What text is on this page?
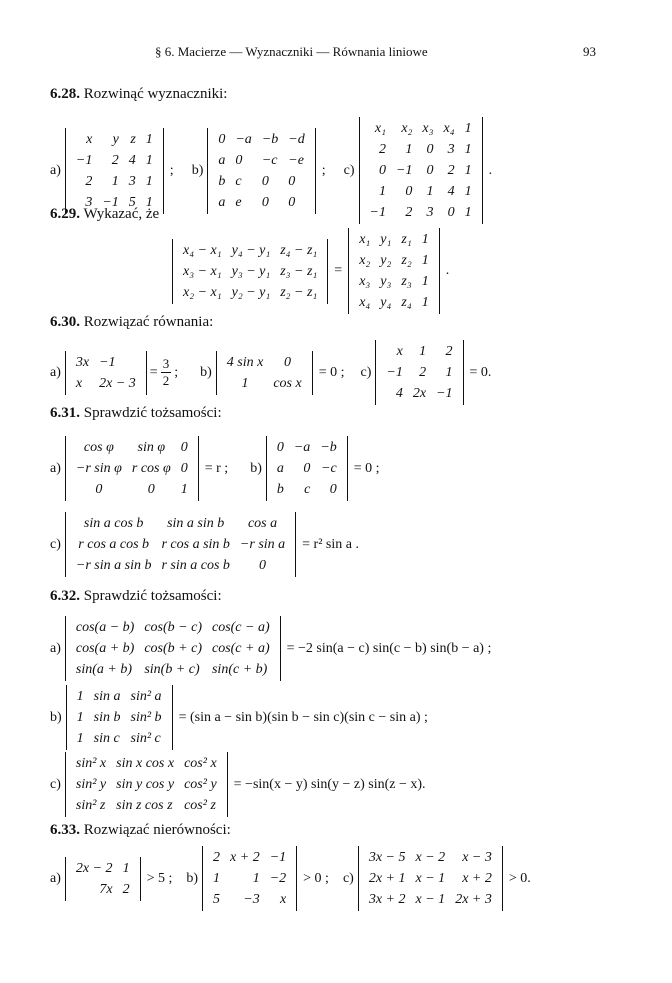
§ 6. Macierze — Wyznaczniki — Równania liniowe	93
6.28. Rozwinąć wyznaczniki:
a)
x	y	z	1
−1	2	4	1
2	1	3	1
3	−1	5	1
; b)
0	−a	−b	−d
a	0	−c	−e
b	c	0	0
a	e	0	0
; c)
x₁	x₂	x₃	x₄	1
2	1	0	3	1
0	−1	0	2	1
1	0	1	4	1
−1	2	3	0	1
.
6.29. Wykazać, że
x₄ − x₁	y₄ − y₁	z₄ − z₁
x₃ − x₁	y₃ − y₁	z₃ − z₁
x₂ − x₁	y₂ − y₁	z₂ − z₁
=
x₁	y₁	z₁	1
x₂	y₂	z₂	1
x₃	y₃	z₃	1
x₄	y₄	z₄	1
.
6.30. Rozwiązać równania:
a)
3x	−1
x	2x − 3
= $\frac{3}{2}$ ; b)
4 sin x	0
1	cos x
= 0 ; c)
x	1	2
−1	2	1
4	2x	−1
= 0.
6.31. Sprawdzić tożsamości:
a)
cos φ	sin φ	0
−r sin φ	r cos φ	0
0	0	1
= r ; b)
0	−a	−b
a	0	−c
b	c	0
= 0 ;
c)
sin a cos b	sin a sin b	cos a
r cos a cos b	r cos a sin b	−r sin a
−r sin a sin b	r sin a cos b	0
= r² sin a .
6.32. Sprawdzić tożsamości:
a)
cos(a − b)	cos(b − c)	cos(c − a)
cos(a + b)	cos(b + c)	cos(c + a)
sin(a + b)	sin(b + c)	sin(c + b)
= −2 sin(a − c) sin(c − b) sin(b − a) ;
b)
1	sin a	sin² a
1	sin b	sin² b
1	sin c	sin² c
= (sin a − sin b)(sin b − sin c)(sin c − sin a) ;
c)
sin² x	sin x cos x	cos² x
sin² y	sin y cos y	cos² y
sin² z	sin z cos z	cos² z
= −sin(x − y) sin(y − z) sin(z − x).
6.33. Rozwiązać nierówności:
a)
2x − 2	1
7x	2
> 5 ; b)
2	x + 2	−1
1	1	−2
5	−3	x
> 0 ; c)
3x − 5	x − 2	x − 3
2x + 1	x − 1	x + 2
3x + 2	x − 1	2x + 3
> 0.
